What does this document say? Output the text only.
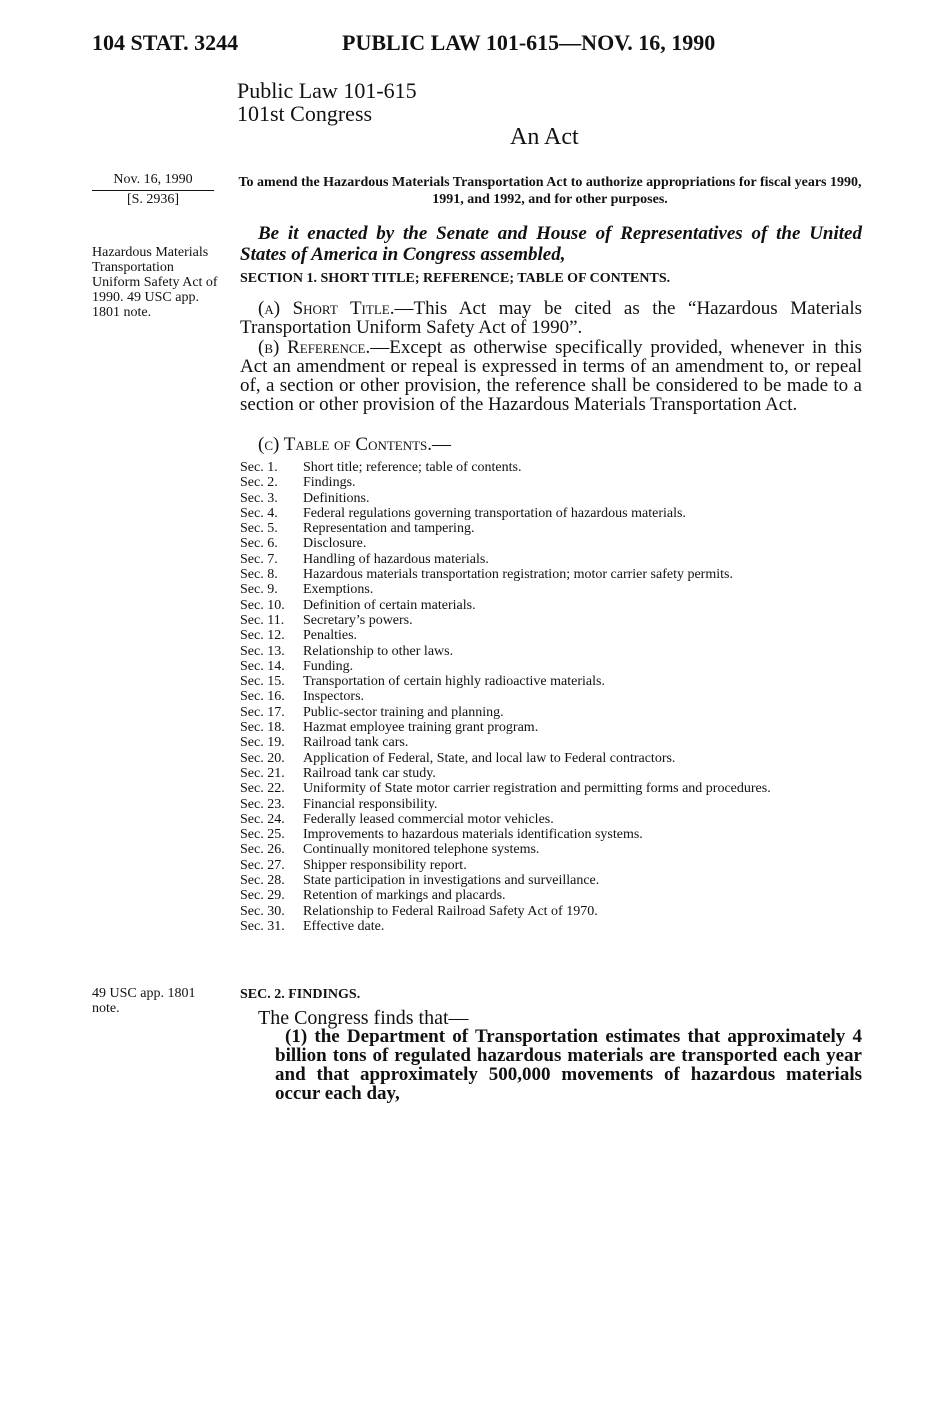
104 STAT. 3244	PUBLIC LAW 101-615—NOV. 16, 1990
Public Law 101-615
101st Congress
An Act
Nov. 16, 1990
[S. 2936]
Hazardous Materials Transportation Uniform Safety Act of 1990. 49 USC app. 1801 note.
49 USC app. 1801 note.
To amend the Hazardous Materials Transportation Act to authorize appropriations for fiscal years 1990, 1991, and 1992, and for other purposes.
Be it enacted by the Senate and House of Representatives of the United States of America in Congress assembled,
SECTION 1. SHORT TITLE; REFERENCE; TABLE OF CONTENTS.
(a) Short Title.—This Act may be cited as the “Hazardous Materials Transportation Uniform Safety Act of 1990”.
(b) Reference.—Except as otherwise specifically provided, whenever in this Act an amendment or repeal is expressed in terms of an amendment to, or repeal of, a section or other provision, the reference shall be considered to be made to a section or other provision of the Hazardous Materials Transportation Act.
(c) Table of Contents.—
Sec. 1.	Short title; reference; table of contents.
Sec. 2.	Findings.
Sec. 3.	Definitions.
Sec. 4.	Federal regulations governing transportation of hazardous materials.
Sec. 5.	Representation and tampering.
Sec. 6.	Disclosure.
Sec. 7.	Handling of hazardous materials.
Sec. 8.	Hazardous materials transportation registration; motor carrier safety permits.
Sec. 9.	Exemptions.
Sec. 10.	Definition of certain materials.
Sec. 11.	Secretary’s powers.
Sec. 12.	Penalties.
Sec. 13.	Relationship to other laws.
Sec. 14.	Funding.
Sec. 15.	Transportation of certain highly radioactive materials.
Sec. 16.	Inspectors.
Sec. 17.	Public-sector training and planning.
Sec. 18.	Hazmat employee training grant program.
Sec. 19.	Railroad tank cars.
Sec. 20.	Application of Federal, State, and local law to Federal contractors.
Sec. 21.	Railroad tank car study.
Sec. 22.	Uniformity of State motor carrier registration and permitting forms and procedures.
Sec. 23.	Financial responsibility.
Sec. 24.	Federally leased commercial motor vehicles.
Sec. 25.	Improvements to hazardous materials identification systems.
Sec. 26.	Continually monitored telephone systems.
Sec. 27.	Shipper responsibility report.
Sec. 28.	State participation in investigations and surveillance.
Sec. 29.	Retention of markings and placards.
Sec. 30.	Relationship to Federal Railroad Safety Act of 1970.
Sec. 31.	Effective date.
SEC. 2. FINDINGS.
The Congress finds that—
(1) the Department of Transportation estimates that approximately 4 billion tons of regulated hazardous materials are transported each year and that approximately 500,000 movements of hazardous materials occur each day,
